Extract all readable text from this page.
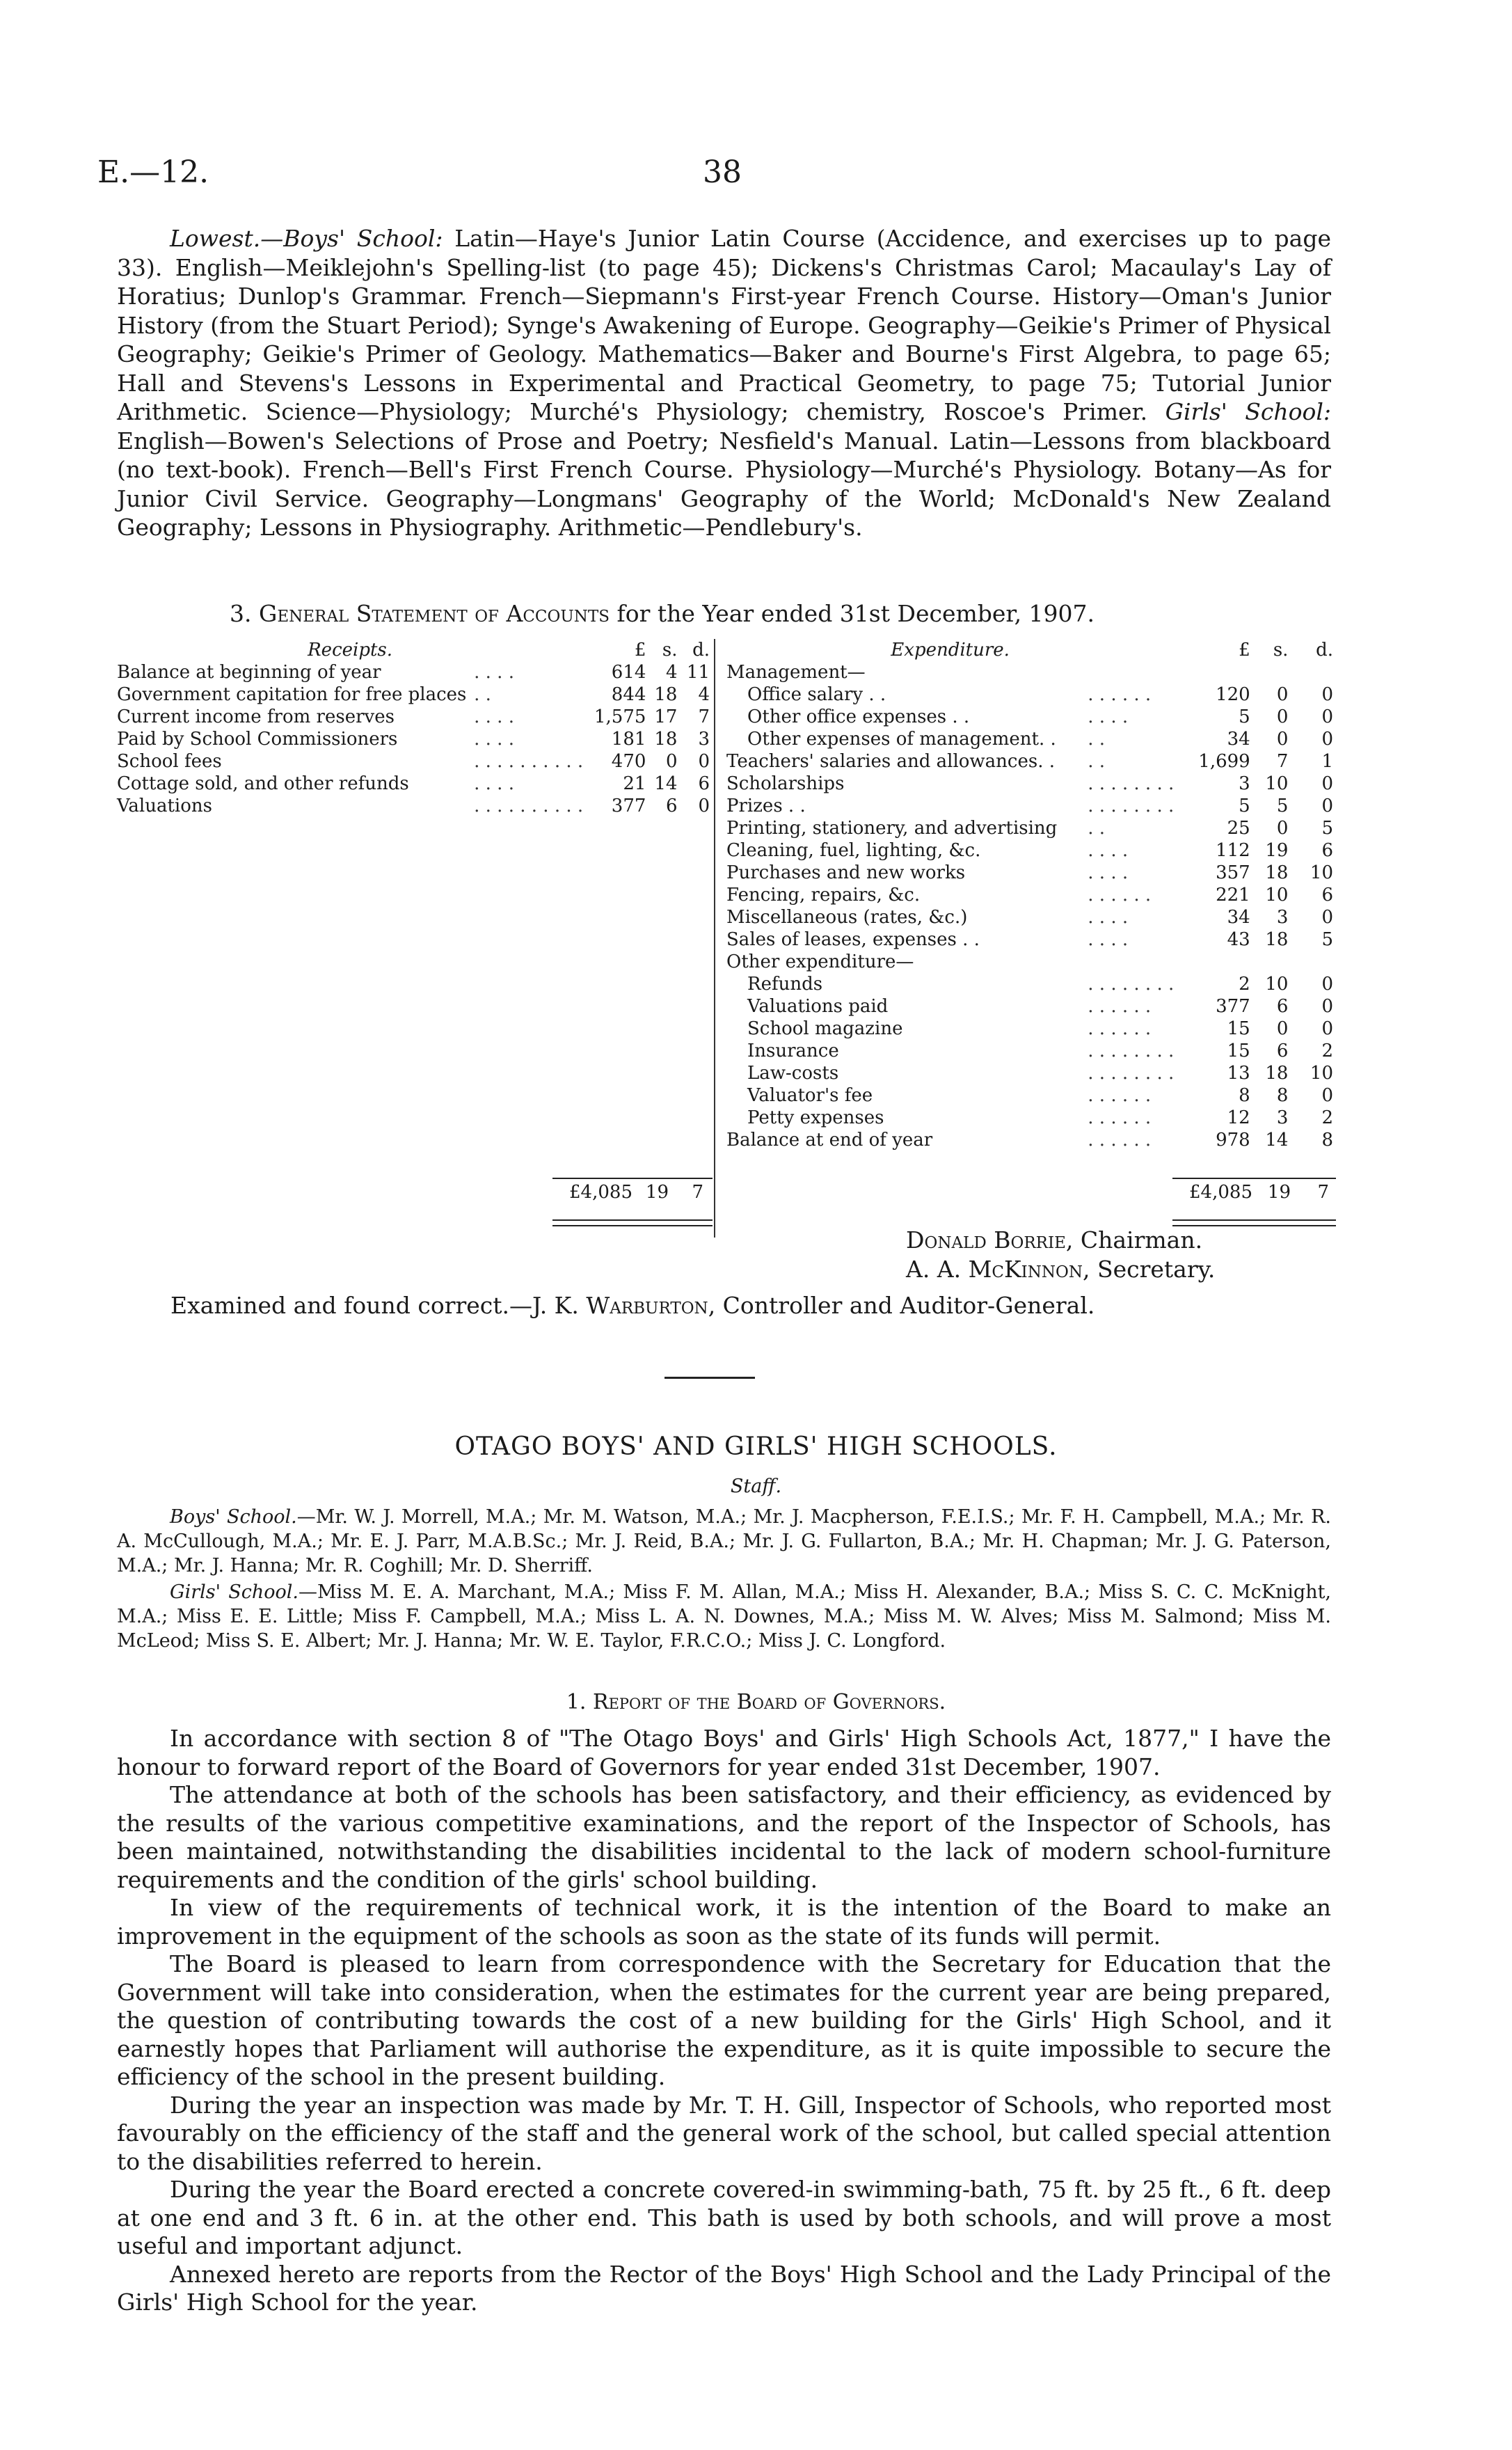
E.—12.	38

Lowest.—Boys' School: Latin—Haye's Junior Latin Course (Accidence, and exercises up to page 33). English—Meiklejohn's Spelling-list (to page 45); Dickens's Christmas Carol; Macaulay's Lay of Horatius; Dunlop's Grammar. French—Siepmann's First-year French Course. History—Oman's Junior History (from the Stuart Period); Synge's Awakening of Europe. Geography—Geikie's Primer of Physical Geography; Geikie's Primer of Geology. Mathematics—Baker and Bourne's First Algebra, to page 65; Hall and Stevens's Lessons in Experimental and Practical Geometry, to page 75; Tutorial Junior Arithmetic. Science—Physiology; Murché's Physiology; chemistry, Roscoe's Primer. Girls' School: English—Bowen's Selections of Prose and Poetry; Nesfield's Manual. Latin—Lessons from blackboard (no text-book). French—Bell's First French Course. Physiology—Murché's Physiology. Botany—As for Junior Civil Service. Geography—Longmans' Geography of the World; McDonald's New Zealand Geography; Lessons in Physiography. Arithmetic—Pendlebury's.

3. General Statement of Accounts for the Year ended 31st December, 1907.
Receipts.		£	s.	d.
Balance at beginning of year	. . . .	614	4	11
Government capitation for free places	. .	844	18	4
Current income from reserves	. . . .	1,575	17	7
Paid by School Commissioners	. . . .	181	18	3
School fees	. . . . . . . . . .	470	0	0
Cottage sold, and other refunds	. . . .	21	14	6
Valuations	. . . . . . . . . .	377	6	0
Expenditure.		£	s.	d.
Management—				
Office salary . .	. . . . . .	120	0	0
Other office expenses . .	. . . .	5	0	0
Other expenses of management. .	. .	34	0	0
Teachers' salaries and allowances. .	. .	1,699	7	1
Scholarships	. . . . . . . .	3	10	0
Prizes . .	. . . . . . . .	5	5	0
Printing, stationery, and advertising	. .	25	0	5
Cleaning, fuel, lighting, &c.	. . . .	112	19	6
Purchases and new works	. . . .	357	18	10
Fencing, repairs, &c.	. . . . . .	221	10	6
Miscellaneous (rates, &c.)	. . . .	34	3	0
Sales of leases, expenses . .	. . . .	43	18	5
Other expenditure—				
Refunds	. . . . . . . .	2	10	0
Valuations paid	. . . . . .	377	6	0
School magazine	. . . . . .	15	0	0
Insurance	. . . . . . . .	15	6	2
Law-costs	. . . . . . . .	13	18	10
Valuator's fee	. . . . . .	8	8	0
Petty expenses	. . . . . .	12	3	2
Balance at end of year	. . . . . .	978	14	8
£4,085 19 7	£4,085 19 7
Donald Borrie, Chairman.
A. A. McKinnon, Secretary.
Examined and found correct.—J. K. Warburton, Controller and Auditor-General.
OTAGO BOYS' AND GIRLS' HIGH SCHOOLS.
Staff.

Boys' School.—Mr. W. J. Morrell, M.A.; Mr. M. Watson, M.A.; Mr. J. Macpherson, F.E.I.S.; Mr. F. H. Campbell, M.A.; Mr. R. A. McCullough, M.A.; Mr. E. J. Parr, M.A.B.Sc.; Mr. J. Reid, B.A.; Mr. J. G. Fullarton, B.A.; Mr. H. Chapman; Mr. J. G. Paterson, M.A.; Mr. J. Hanna; Mr. R. Coghill; Mr. D. Sherriff.

Girls' School.—Miss M. E. A. Marchant, M.A.; Miss F. M. Allan, M.A.; Miss H. Alexander, B.A.; Miss S. C. C. McKnight, M.A.; Miss E. E. Little; Miss F. Campbell, M.A.; Miss L. A. N. Downes, M.A.; Miss M. W. Alves; Miss M. Salmond; Miss M. McLeod; Miss S. E. Albert; Mr. J. Hanna; Mr. W. E. Taylor, F.R.C.O.; Miss J. C. Longford.

1. Report of the Board of Governors.

In accordance with section 8 of "The Otago Boys' and Girls' High Schools Act, 1877," I have the honour to forward report of the Board of Governors for year ended 31st December, 1907.

The attendance at both of the schools has been satisfactory, and their efficiency, as evidenced by the results of the various competitive examinations, and the report of the Inspector of Schools, has been maintained, notwithstanding the disabilities incidental to the lack of modern school-furniture requirements and the condition of the girls' school building.

In view of the requirements of technical work, it is the intention of the Board to make an improvement in the equipment of the schools as soon as the state of its funds will permit.

The Board is pleased to learn from correspondence with the Secretary for Education that the Government will take into consideration, when the estimates for the current year are being prepared, the question of contributing towards the cost of a new building for the Girls' High School, and it earnestly hopes that Parliament will authorise the expenditure, as it is quite impossible to secure the efficiency of the school in the present building.

During the year an inspection was made by Mr. T. H. Gill, Inspector of Schools, who reported most favourably on the efficiency of the staff and the general work of the school, but called special attention to the disabilities referred to herein.

During the year the Board erected a concrete covered-in swimming-bath, 75 ft. by 25 ft., 6 ft. deep at one end and 3 ft. 6 in. at the other end. This bath is used by both schools, and will prove a most useful and important adjunct.

Annexed hereto are reports from the Rector of the Boys' High School and the Lady Principal of the Girls' High School for the year.
